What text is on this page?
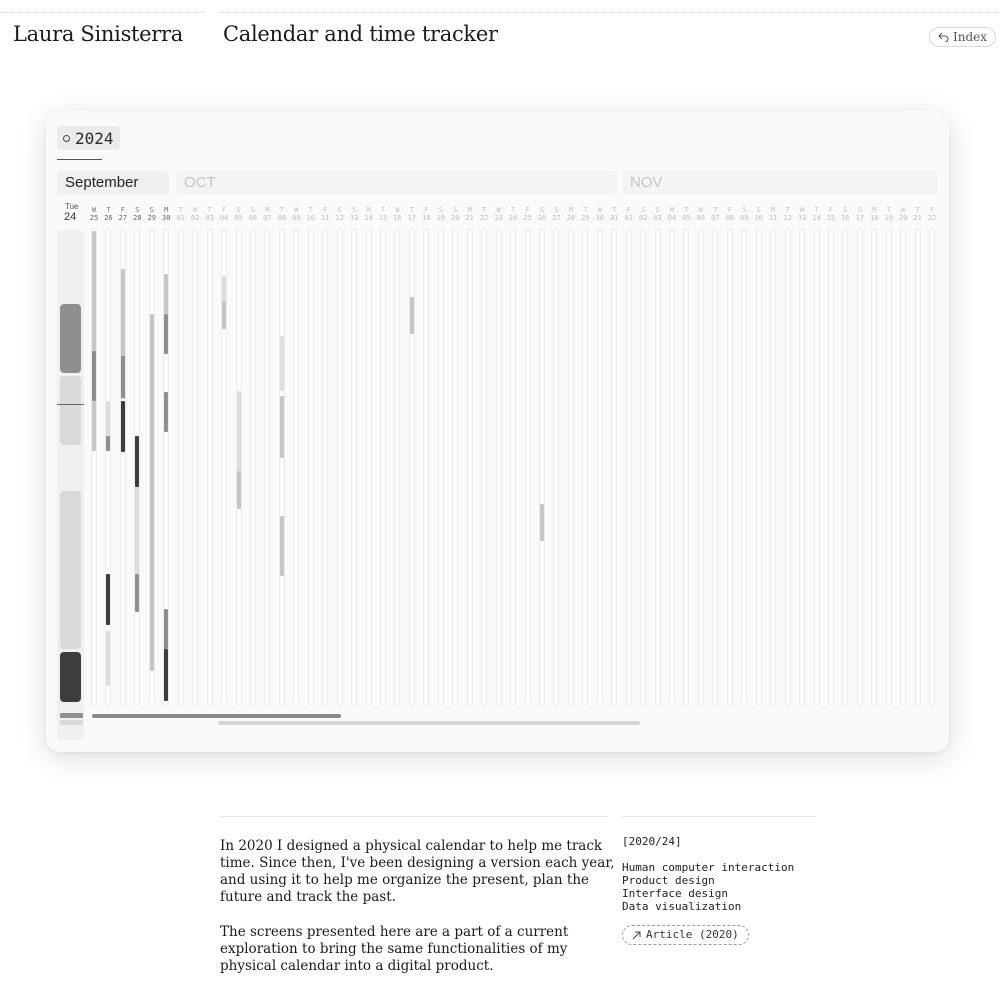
Laura Sinisterra Calendar and time tracker	Index
2024
September	OCT	NOV
Tue
24
W
25
T
26
F
27
S
28
S
29
M
30
T
01
W
02
T
03
F
04
S
05
S
06
M
07
T
08
W
09
T
10
F
11
S
12
S
13
M
14
T
15
W
16
T
17
F
18
S
19
S
20
M
21
T
22
W
23
T
24
F
25
S
26
S
27
M
28
T
29
W
30
T
31
F
01
S
02
S
03
M
04
T
05
W
06
T
07
F
08
S
09
S
10
M
11
T
12
W
13
T
14
F
15
S
16
S
17
M
18
T
19
W
20
T
21
F
22
In 2020 I designed a physical calendar to help me track time. Since then, I've been designing a version each year, and using it to help me organize the present, plan the future and track the past.
The screens presented here are a part of a current exploration to bring the same functionalities of my physical calendar into a digital product.
[2020/24]
Human computer interaction
Product design
Interface design
Data visualization
Article (2020)
